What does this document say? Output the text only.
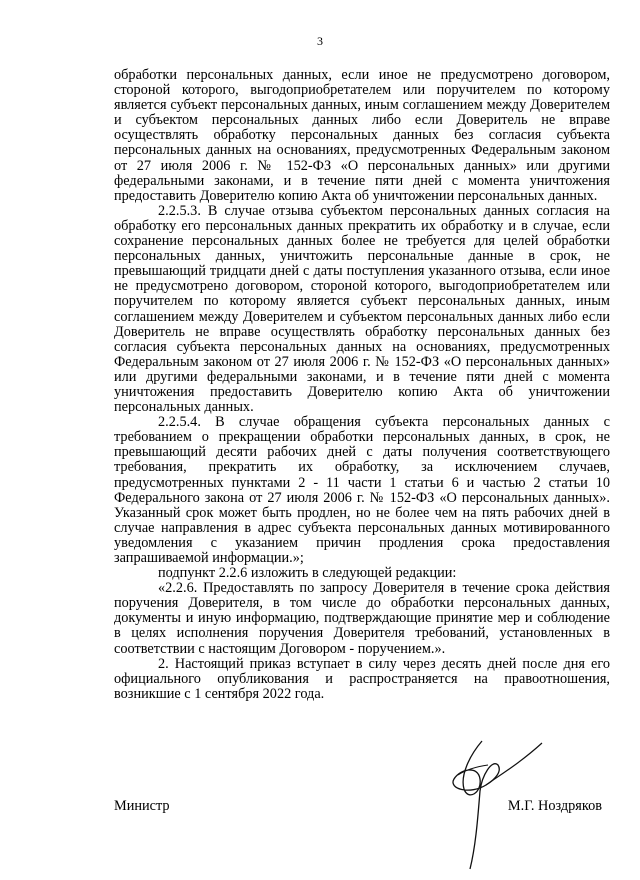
3

обработки персональных данных, если иное не предусмотрено договором, стороной которого, выгодоприобретателем или поручителем по которому является субъект персональных данных, иным соглашением между Доверителем и субъектом персональных данных либо если Доверитель не вправе осуществлять обработку персональных данных без согласия субъекта персональных данных на основаниях, предусмотренных Федеральным законом от 27 июля 2006 г. № 152-ФЗ «О персональных данных» или другими федеральными законами, и в течение пяти дней с момента уничтожения предоставить Доверителю копию Акта об уничтожении персональных данных.

2.2.5.3. В случае отзыва субъектом персональных данных согласия на обработку его персональных данных прекратить их обработку и в случае, если сохранение персональных данных более не требуется для целей обработки персональных данных, уничтожить персональные данные в срок, не превышающий тридцати дней с даты поступления указанного отзыва, если иное не предусмотрено договором, стороной которого, выгодоприобретателем или поручителем по которому является субъект персональных данных, иным соглашением между Доверителем и субъектом персональных данных либо если Доверитель не вправе осуществлять обработку персональных данных без согласия субъекта персональных данных на основаниях, предусмотренных Федеральным законом от 27 июля 2006 г. № 152-ФЗ «О персональных данных» или другими федеральными законами, и в течение пяти дней с момента уничтожения предоставить Доверителю копию Акта об уничтожении персональных данных.

2.2.5.4. В случае обращения субъекта персональных данных с требованием о прекращении обработки персональных данных, в срок, не превышающий десяти рабочих дней с даты получения соответствующего требования, прекратить их обработку, за исключением случаев, предусмотренных пунктами 2 - 11 части 1 статьи 6 и частью 2 статьи 10 Федерального закона от 27 июля 2006 г. № 152-ФЗ «О персональных данных». Указанный срок может быть продлен, но не более чем на пять рабочих дней в случае направления в адрес субъекта персональных данных мотивированного уведомления с указанием причин продления срока предоставления запрашиваемой информации.»;

подпункт 2.2.6 изложить в следующей редакции:

«2.2.6. Предоставлять по запросу Доверителя в течение срока действия поручения Доверителя, в том числе до обработки персональных данных, документы и иную информацию, подтверждающие принятие мер и соблюдение в целях исполнения поручения Доверителя требований, установленных в соответствии с настоящим Договором - поручением.».

2. Настоящий приказ вступает в силу через десять дней после дня его официального опубликования и распространяется на правоотношения, возникшие с 1 сентября 2022 года.

Министр	М.Г. Ноздряков
